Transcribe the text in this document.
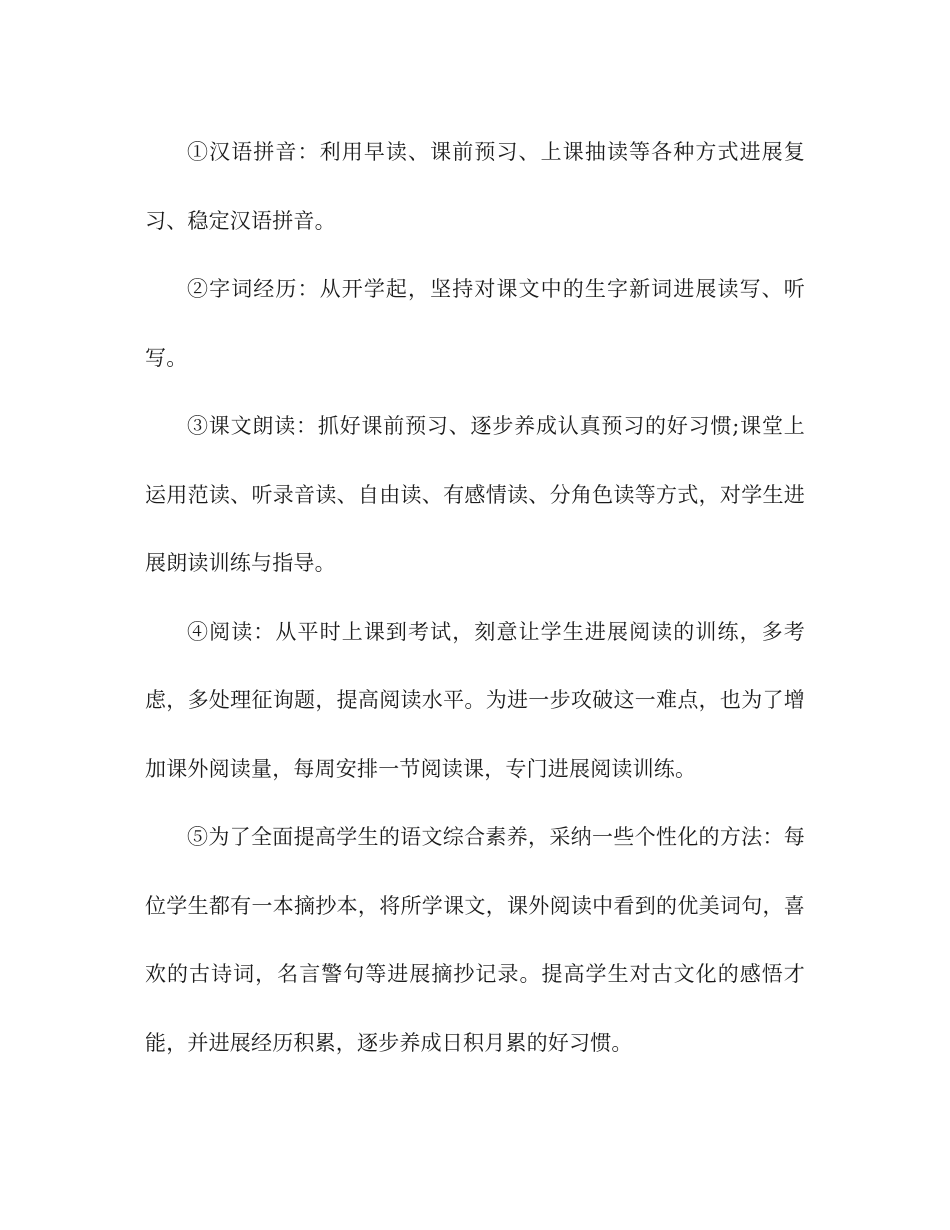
①汉语拼音：利用早读、课前预习、上课抽读等各种方式进展复习、稳定汉语拼音。

②字词经历：从开学起，坚持对课文中的生字新词进展读写、听写。

③课文朗读：抓好课前预习、逐步养成认真预习的好习惯;课堂上运用范读、听录音读、自由读、有感情读、分角色读等方式，对学生进展朗读训练与指导。

④阅读：从平时上课到考试，刻意让学生进展阅读的训练，多考虑，多处理征询题，提高阅读水平。为进一步攻破这一难点，也为了增加课外阅读量，每周安排一节阅读课，专门进展阅读训练。

⑤为了全面提高学生的语文综合素养，采纳一些个性化的方法：每位学生都有一本摘抄本，将所学课文，课外阅读中看到的优美词句，喜欢的古诗词，名言警句等进展摘抄记录。提高学生对古文化的感悟才能，并进展经历积累，逐步养成日积月累的好习惯。
